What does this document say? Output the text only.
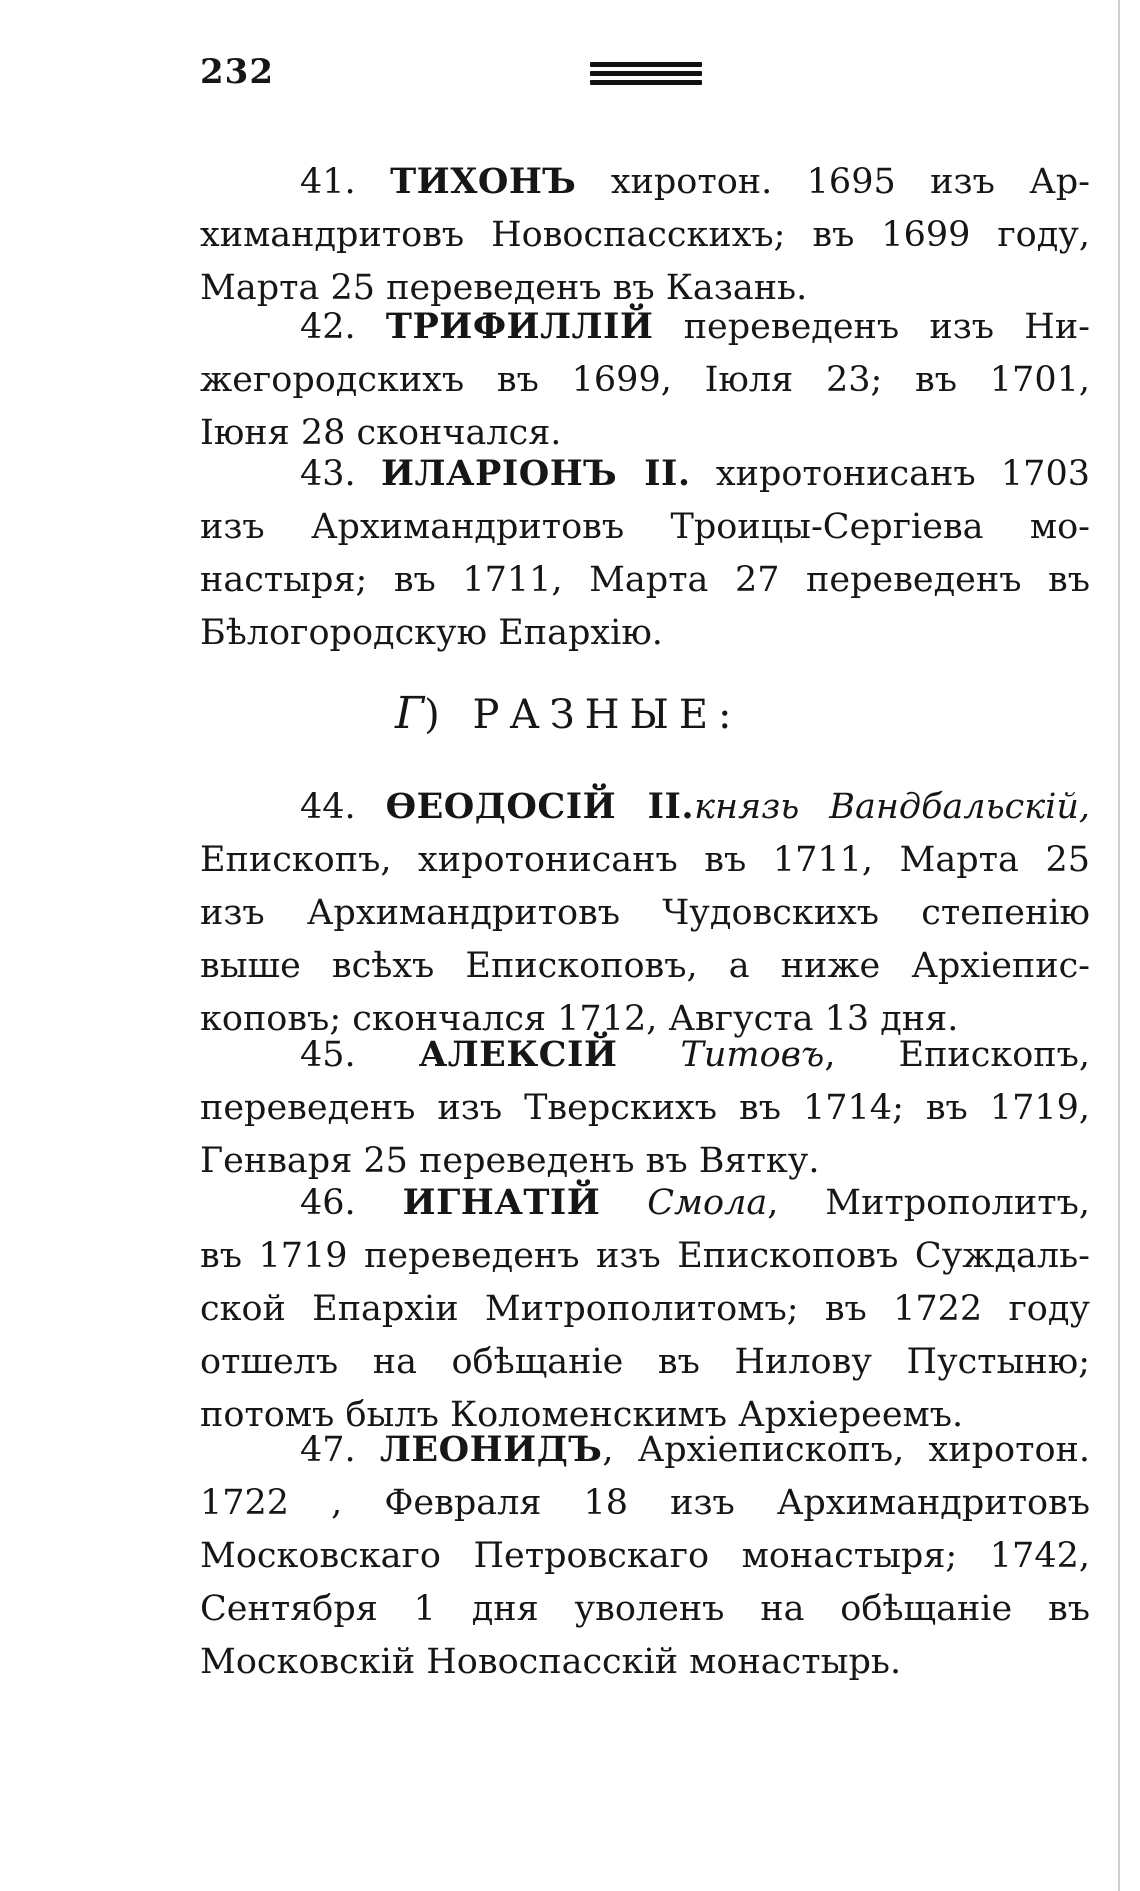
232
41. ТИХОНЪ хиротон. 1695 изъ Ар-
химандритовъ Новоспасскихъ; въ 1699 году,
Марта 25 переведенъ въ Казань.
42. ТРИФИЛЛІЙ переведенъ изъ Ни-
жегородскихъ въ 1699, Іюля 23; въ 1701,
Іюня 28 скончался.
43. ИЛАРІОНЪ II. хиротонисанъ 1703
изъ Архимандритовъ Троицы-Сергіева мо-
настыря; въ 1711, Марта 27 переведенъ въ
Бѣлогородскую Епархію.
Г) РАЗНЫЕ:
44. ѲЕОДОСІЙ II.князь Вандбальскій,
Епископъ, хиротонисанъ въ 1711, Марта 25
изъ Архимандритовъ Чудовскихъ степенію
выше всѣхъ Епископовъ, а ниже Архіепис-
коповъ; скончался 1712, Августа 13 дня.
45. АЛЕКСІЙ Титовъ, Епископъ,
переведенъ изъ Тверскихъ въ 1714; въ 1719,
Генваря 25 переведенъ въ Вятку.
46. ИГНАТІЙ Смола, Митрополитъ,
въ 1719 переведенъ изъ Епископовъ Суждаль-
ской Епархіи Митрополитомъ; въ 1722 году
отшелъ на обѣщаніе въ Нилову Пустыню;
потомъ былъ Коломенскимъ Архіереемъ.
47. ЛЕОНИДЪ, Архіепископъ, хиротон.
1722 , Февраля 18 изъ Архимандритовъ
Московскаго Петровскаго монастыря; 1742,
Сентября 1 дня уволенъ на обѣщаніе въ
Московскій Новоспасскій монастырь.
